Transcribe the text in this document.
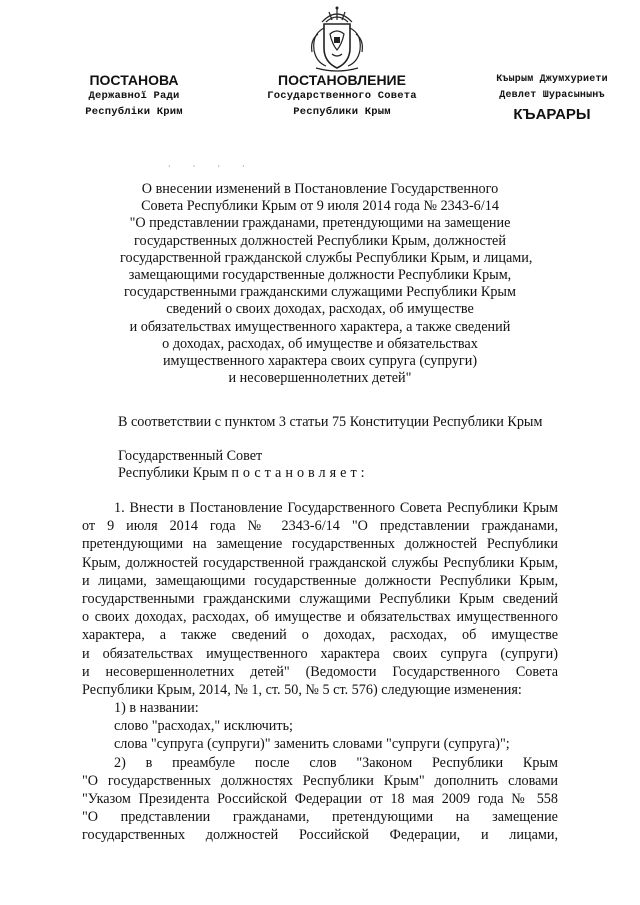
ПОСТАНОВА
Державної Ради
Республіки Крим
ПОСТАНОВЛЕНИЕ
Государственного Совета
Республики Крым
Къырым Джумхуриети
Девлет Шурасынынъ
КЪАРАРЫ
· · · ·
О внесении изменений в Постановление Государственного
Совета Республики Крым от 9 июля 2014 года № 2343-6/14
"О представлении гражданами, претендующими на замещение
государственных должностей Республики Крым, должностей
государственной гражданской службы Республики Крым, и лицами,
замещающими государственные должности Республики Крым,
государственными гражданскими служащими Республики Крым
сведений о своих доходах, расходах, об имуществе
и обязательствах имущественного характера, а также сведений
о доходах, расходах, об имуществе и обязательствах
имущественного характера своих супруга (супруги)
и несовершеннолетних детей"
В соответствии с пунктом 3 статьи 75 Конституции Республики Крым
Государственный Совет
Республики Крым постановляет:
1. Внести в Постановление Государственного Совета Республики Крым
от 9 июля 2014 года № 2343-6/14 "О представлении гражданами,
претендующими на замещение государственных должностей Республики
Крым, должностей государственной гражданской службы Республики Крым,
и лицами, замещающими государственные должности Республики Крым,
государственными гражданскими служащими Республики Крым сведений
о своих доходах, расходах, об имуществе и обязательствах имущественного
характера, а также сведений о доходах, расходах, об имуществе
и обязательствах имущественного характера своих супруга (супруги)
и несовершеннолетних детей" (Ведомости Государственного Совета
Республики Крым, 2014, № 1, ст. 50, № 5 ст. 576) следующие изменения:
1) в названии:
слово "расходах," исключить;
слова "супруга (супруги)" заменить словами "супруги (супруга)";
2) в преамбуле после слов "Законом Республики Крым
"О государственных должностях Республики Крым" дополнить словами
"Указом Президента Российской Федерации от 18 мая 2009 года № 558
"О представлении гражданами, претендующими на замещение
государственных должностей Российской Федерации, и лицами,
